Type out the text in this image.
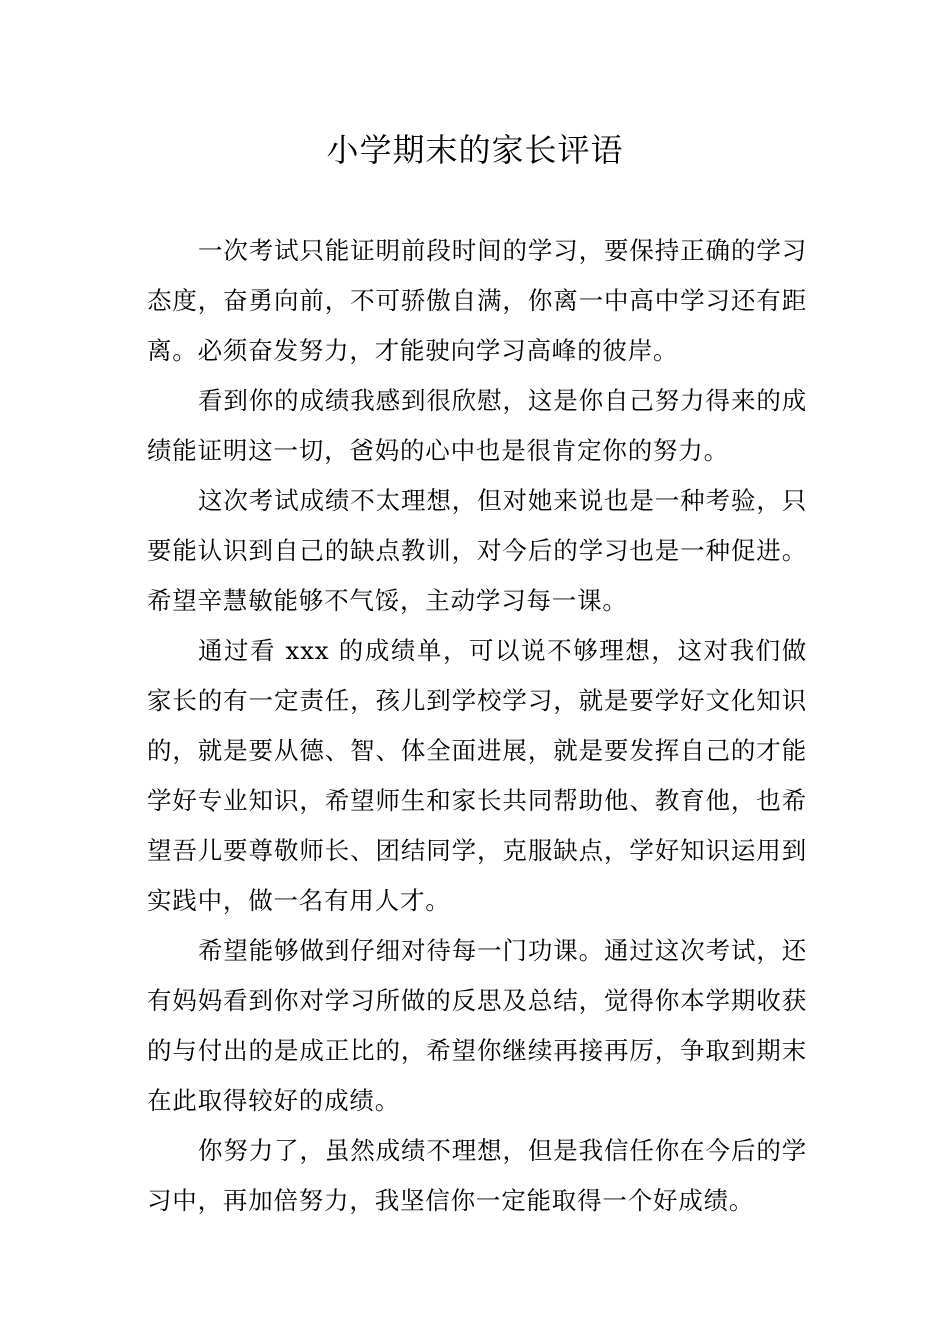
小学期末的家长评语

一次考试只能证明前段时间的学习，要保持正确的学习态度，奋勇向前，不可骄傲自满，你离一中高中学习还有距离。必须奋发努力，才能驶向学习高峰的彼岸。

看到你的成绩我感到很欣慰，这是你自己努力得来的成绩能证明这一切，爸妈的心中也是很肯定你的努力。

这次考试成绩不太理想，但对她来说也是一种考验，只要能认识到自己的缺点教训，对今后的学习也是一种促进。希望辛慧敏能够不气馁，主动学习每一课。

通过看 xxx 的成绩单，可以说不够理想，这对我们做家长的有一定责任，孩儿到学校学习，就是要学好文化知识的，就是要从德、智、体全面进展，就是要发挥自己的才能学好专业知识，希望师生和家长共同帮助他、教育他，也希望吾儿要尊敬师长、团结同学，克服缺点，学好知识运用到实践中，做一名有用人才。

希望能够做到仔细对待每一门功课。通过这次考试，还有妈妈看到你对学习所做的反思及总结，觉得你本学期收获的与付出的是成正比的，希望你继续再接再厉，争取到期末在此取得较好的成绩。

你努力了，虽然成绩不理想，但是我信任你在今后的学习中，再加倍努力，我坚信你一定能取得一个好成绩。
